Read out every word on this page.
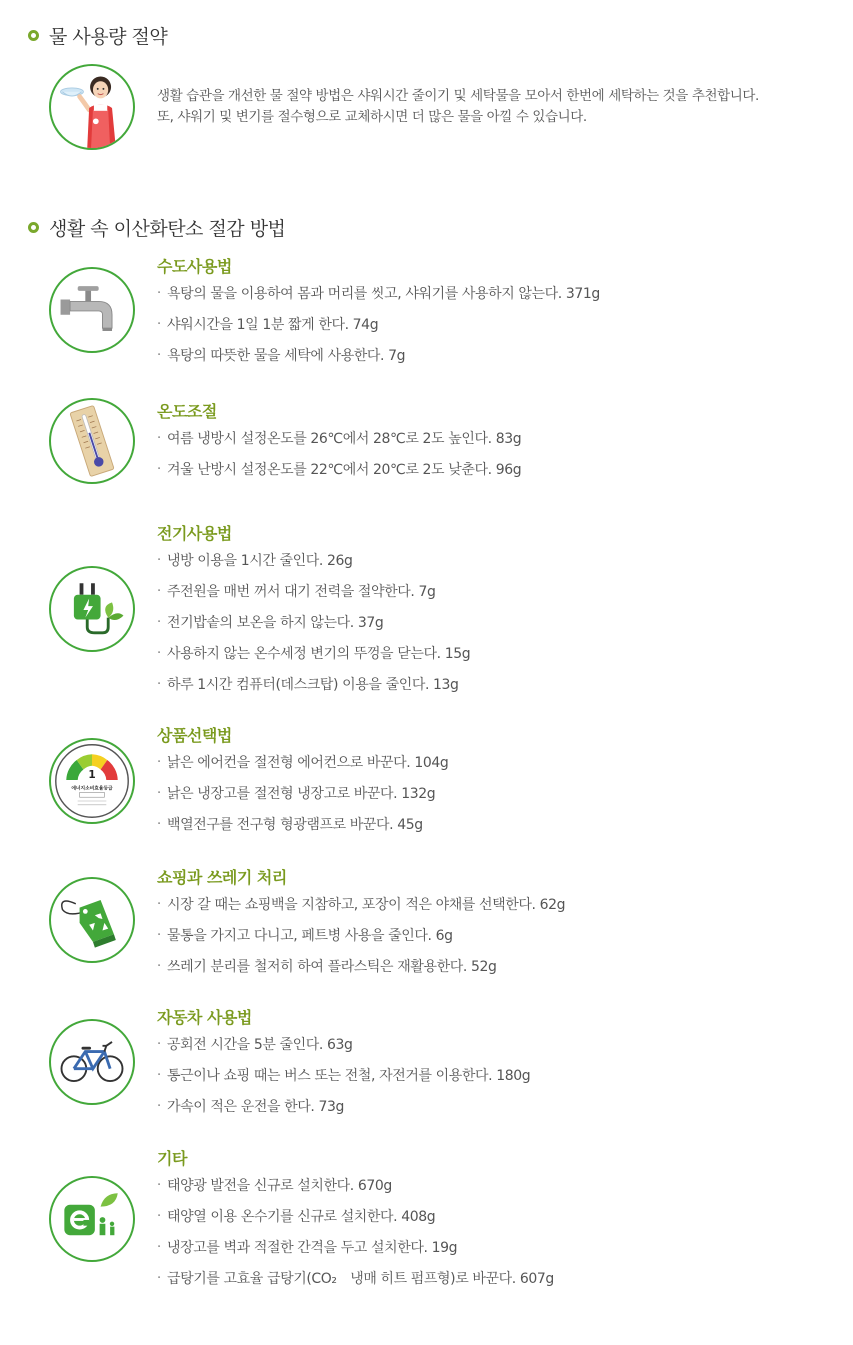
물 사용량 절약
생활 습관을 개선한 물 절약 방법은 샤워시간 줄이기 및 세탁물을 모아서 한번에 세탁하는 것을 추천합니다.
또, 샤워기 및 변기를 절수형으로 교체하시면 더 많은 물을 아낄 수 있습니다.
생활 속 이산화탄소 절감 방법
1
에너지소비효율등급
수도사용법
· 욕탕의 물을 이용하여 몸과 머리를 씻고, 샤워기를 사용하지 않는다. 371g
· 샤워시간을 1일 1분 짧게 한다. 74g
· 욕탕의 따뜻한 물을 세탁에 사용한다. 7g
온도조절
· 여름 냉방시 설정온도를 26℃에서 28℃로 2도 높인다. 83g
· 겨울 난방시 설정온도를 22℃에서 20℃로 2도 낮춘다. 96g
전기사용법
· 냉방 이용을 1시간 줄인다. 26g
· 주전원을 매번 꺼서 대기 전력을 절약한다. 7g
· 전기밥솥의 보온을 하지 않는다. 37g
· 사용하지 않는 온수세정 변기의 뚜껑을 닫는다. 15g
· 하루 1시간 컴퓨터(데스크탑) 이용을 줄인다. 13g
상품선택법
· 낡은 에어컨을 절전형 에어컨으로 바꾼다. 104g
· 낡은 냉장고를 절전형 냉장고로 바꾼다. 132g
· 백열전구를 전구형 형광램프로 바꾼다. 45g
쇼핑과 쓰레기 처리
· 시장 갈 때는 쇼핑백을 지참하고, 포장이 적은 야채를 선택한다. 62g
· 물통을 가지고 다니고, 페트병 사용을 줄인다. 6g
· 쓰레기 분리를 철저히 하여 플라스틱은 재활용한다. 52g
자동차 사용법
· 공회전 시간을 5분 줄인다. 63g
· 통근이나 쇼핑 때는 버스 또는 전철, 자전거를 이용한다. 180g
· 가속이 적은 운전을 한다. 73g
기타
· 태양광 발전을 신규로 설치한다. 670g
· 태양열 이용 온수기를 신규로 설치한다. 408g
· 냉장고를 벽과 적절한 간격을 두고 설치한다. 19g
· 급탕기를 고효율 급탕기(CO₂　냉매 히트 펌프형)로 바꾼다. 607g
